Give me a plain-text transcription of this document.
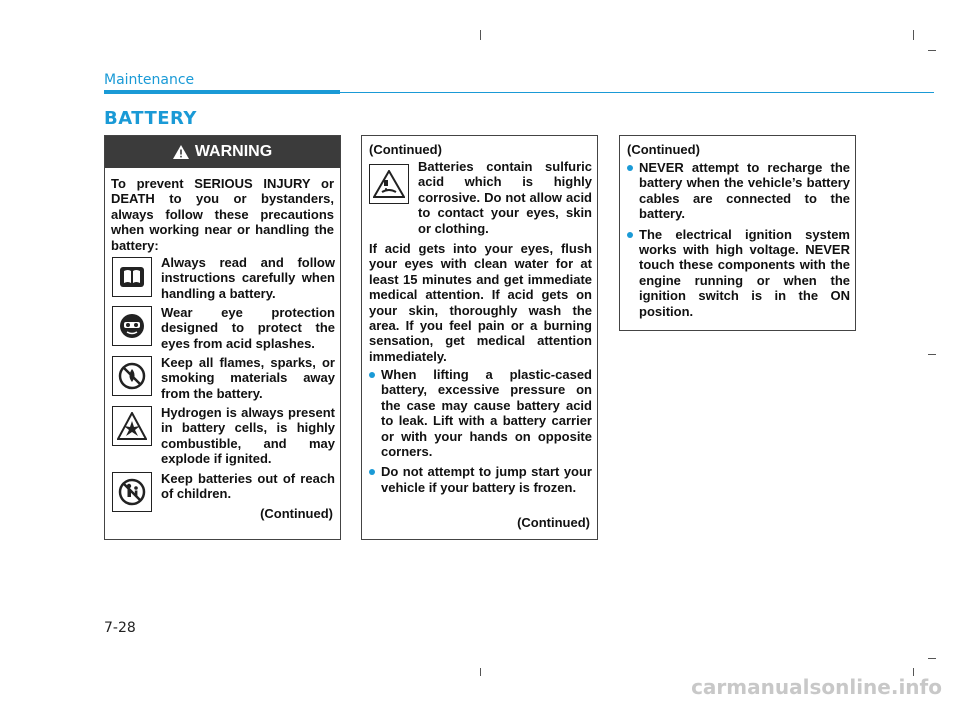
Maintenance
BATTERY
WARNING
To prevent SERIOUS INJURY or DEATH to you or bystanders, always follow these precautions when working near or handling the battery:
Always read and follow instructions carefully when handling a battery.
Wear eye protection designed to protect the eyes from acid splashes.
Keep all flames, sparks, or smoking materials away from the battery.
Hydrogen is always present in battery cells, is highly combustible, and may explode if ignited.
Keep batteries out of reach of children.
(Continued)
(Continued)
Batteries contain sulfuric acid which is highly corrosive. Do not allow acid to contact your eyes, skin or clothing.
If acid gets into your eyes, flush your eyes with clean water for at least 15 minutes and get immediate medical attention. If acid gets on your skin, thoroughly wash the area. If you feel pain or a burning sensation, get medical attention immediately.
When lifting a plastic-cased battery, excessive pressure on the case may cause battery acid to leak. Lift with a battery carrier or with your hands on opposite corners.
Do not attempt to jump start your vehicle if your battery is frozen.
(Continued)
(Continued)
NEVER attempt to recharge the battery when the vehicle’s battery cables are connected to the battery.
The electrical ignition system works with high voltage. NEVER touch these components with the engine running or when the ignition switch is in the ON position.
7-28
carmanualsonline.info
